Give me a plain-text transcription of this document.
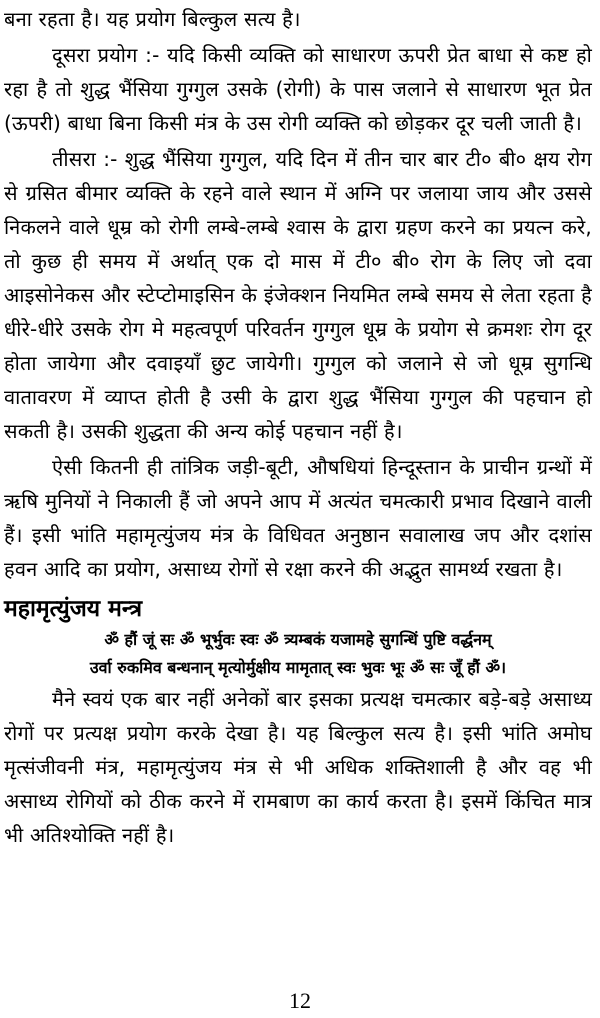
बना रहता है। यह प्रयोग बिल्कुल सत्य है।

दूसरा प्रयोग :- यदि किसी व्यक्ति को साधारण ऊपरी प्रेत बाधा से कष्ट हो रहा है तो शुद्ध भैंसिया गुग्गुल उसके (रोगी) के पास जलाने से साधारण भूत प्रेत (ऊपरी) बाधा बिना किसी मंत्र के उस रोगी व्यक्ति को छोड़कर दूर चली जाती है।

तीसरा :- शुद्ध भैंसिया गुग्गुल, यदि दिन में तीन चार बार टी० बी० क्षय रोग से ग्रसित बीमार व्यक्ति के रहने वाले स्थान में अग्नि पर जलाया जाय और उससे निकलने वाले धूम्र को रोगी लम्बे-लम्बे श्वास के द्वारा ग्रहण करने का प्रयत्न करे, तो कुछ ही समय में अर्थात् एक दो मास में टी० बी० रोग के लिए जो दवा आइसोनेकस और स्टेप्टोमाइसिन के इंजेक्शन नियमित लम्बे समय से लेता रहता है धीरे-धीरे उसके रोग मे महत्वपूर्ण परिवर्तन गुग्गुल धूम्र के प्रयोग से क्रमशः रोग दूर होता जायेगा और दवाइयाँ छुट जायेगी। गुग्गुल को जलाने से जो धूम्र सुगन्धि वातावरण में व्याप्त होती है उसी के द्वारा शुद्ध भैंसिया गुग्गुल की पहचान हो सकती है। उसकी शुद्धता की अन्य कोई पहचान नहीं है।

ऐसी कितनी ही तांत्रिक जड़ी-बूटी, औषधियां हिन्दूस्तान के प्राचीन ग्रन्थों में ऋषि मुनियों ने निकाली हैं जो अपने आप में अत्यंत चमत्कारी प्रभाव दिखाने वाली हैं। इसी भांति महामृत्युंजय मंत्र के विधिवत अनुष्ठान सवालाख जप और दशांस हवन आदि का प्रयोग, असाध्य रोगों से रक्षा करने की अद्भुत सामर्थ्य रखता है।

महामृत्युंजय मन्त्र

ॐ हौं जूं सः ॐ भूर्भुवः स्वः ॐ त्र्यम्बकं यजामहे सुगन्धिं पुष्टि वर्द्धनम्

उर्वा रुकमिव बन्धनान् मृत्योर्मुक्षीय मामृतात् स्वः भुवः भूः ॐ सः जूँ हौं ॐ।

मैने स्वयं एक बार नहीं अनेकों बार इसका प्रत्यक्ष चमत्कार बड़े-बड़े असाध्य रोगों पर प्रत्यक्ष प्रयोग करके देखा है। यह बिल्कुल सत्य है। इसी भांति अमोघ मृत्संजीवनी मंत्र, महामृत्युंजय मंत्र से भी अधिक शक्तिशाली है और वह भी असाध्य रोगियों को ठीक करने में रामबाण का कार्य करता है। इसमें किंचित मात्र भी अतिश्योक्ति नहीं है।

12
